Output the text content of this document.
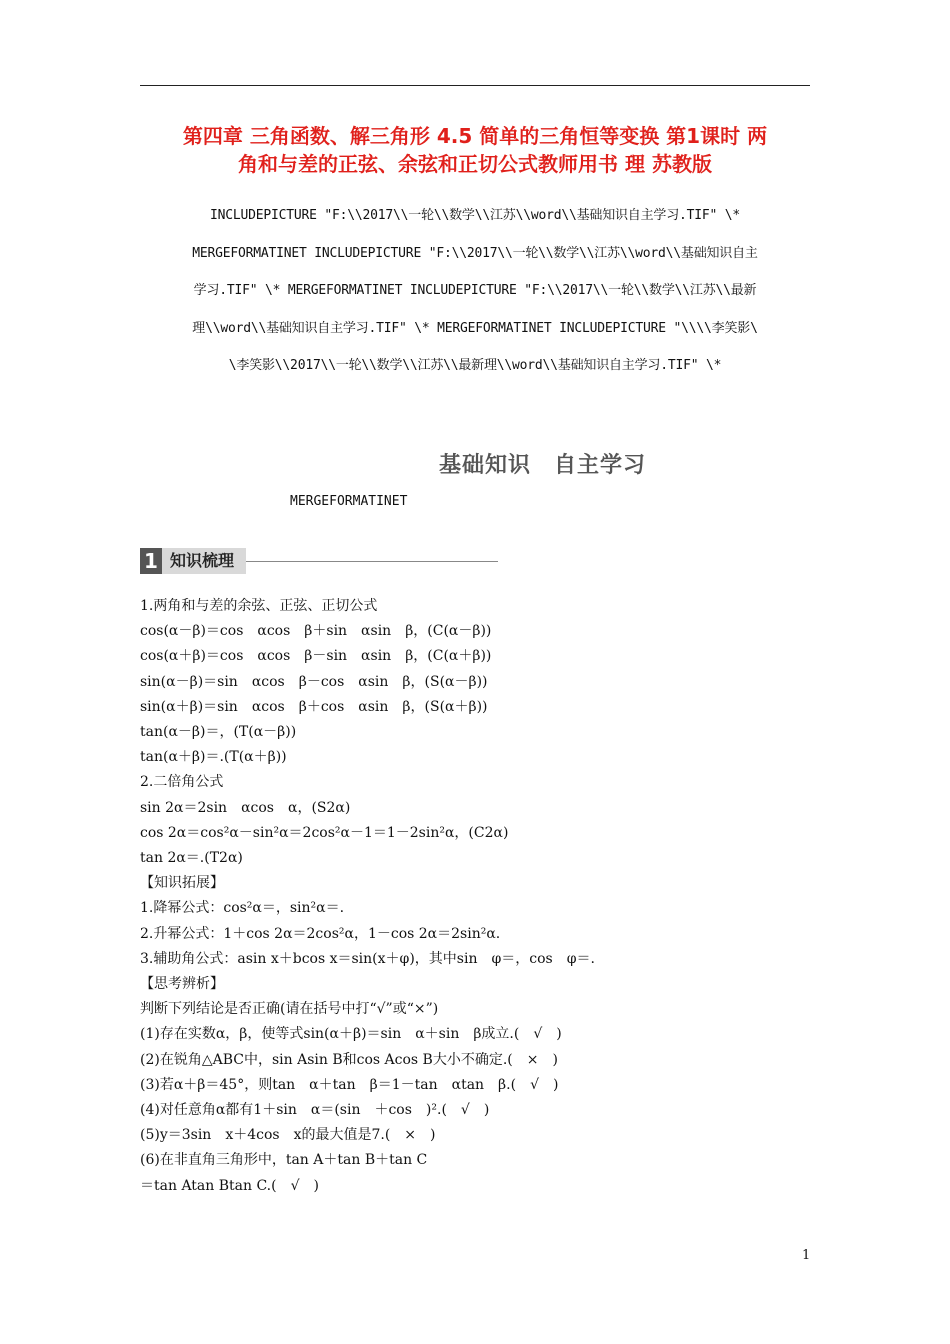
第四章 三角函数、解三角形 4.5 简单的三角恒等变换 第1课时 两
角和与差的正弦、余弦和正切公式教师用书 理 苏教版
INCLUDEPICTURE "F:\\2017\\一轮\\数学\\江苏\\word\\基础知识自主学习.TIF" \*
MERGEFORMATINET INCLUDEPICTURE "F:\\2017\\一轮\\数学\\江苏\\word\\基础知识自主
学习.TIF" \* MERGEFORMATINET INCLUDEPICTURE "F:\\2017\\一轮\\数学\\江苏\\最新
理\\word\\基础知识自主学习.TIF" \* MERGEFORMATINET INCLUDEPICTURE "\\\\李笑影\
\李笑影\\2017\\一轮\\数学\\江苏\\最新理\\word\\基础知识自主学习.TIF" \*
基础知识　自主学习
MERGEFORMATINET
1 知识梳理
1.两角和与差的余弦、正弦、正切公式
cos(α－β)＝cos　αcos　β＋sin　αsin　β，(C(α－β))
cos(α＋β)＝cos　αcos　β－sin　αsin　β，(C(α＋β))
sin(α－β)＝sin　αcos　β－cos　αsin　β，(S(α－β))
sin(α＋β)＝sin　αcos　β＋cos　αsin　β，(S(α＋β))
tan(α－β)＝，(T(α－β))
tan(α＋β)＝.(T(α＋β))
2.二倍角公式
sin 2α＝2sin　αcos　α，(S2α)
cos 2α＝cos²α－sin²α＝2cos²α－1＝1－2sin²α，(C2α)
tan 2α＝.(T2α)
【知识拓展】
1.降幂公式：cos²α＝，sin²α＝.
2.升幂公式：1＋cos 2α＝2cos²α，1－cos 2α＝2sin²α.
3.辅助角公式：asin x＋bcos x＝sin(x＋φ)，其中sin　φ＝，cos　φ＝.
【思考辨析】
判断下列结论是否正确(请在括号中打“√”或“×”)
(1)存在实数α，β，使等式sin(α＋β)＝sin　α＋sin　β成立.(　√　)
(2)在锐角△ABC中，sin Asin B和cos Acos B大小不确定.(　×　)
(3)若α＋β＝45°，则tan　α＋tan　β＝1－tan　αtan　β.(　√　)
(4)对任意角α都有1＋sin　α＝(sin　＋cos　)².(　√　)
(5)y＝3sin　x＋4cos　x的最大值是7.(　×　)
(6)在非直角三角形中，tan A＋tan B＋tan C
＝tan Atan Btan C.(　√　)
1
